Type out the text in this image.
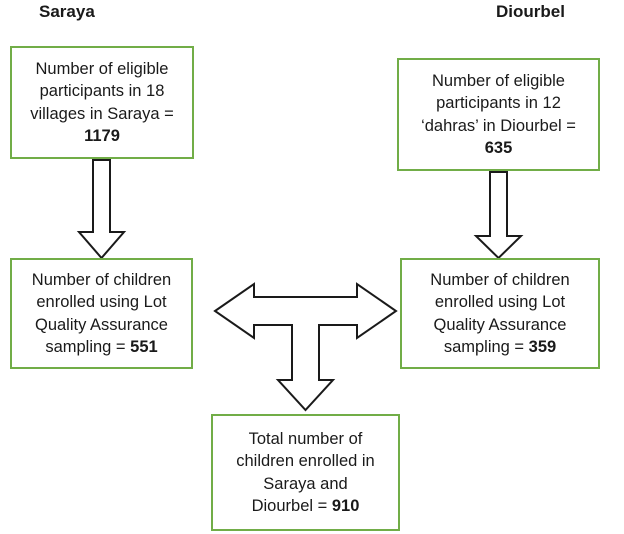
Saraya	Diourbel
Number of eligible
participants in 18
villages in Saraya =
1179
Number of eligible
participants in 12
‘dahras’ in Diourbel =
635
Number of children
enrolled using Lot
Quality Assurance
sampling = 551
Number of children
enrolled using Lot
Quality Assurance
sampling = 359
Total number of
children enrolled in
Saraya and
Diourbel = 910
